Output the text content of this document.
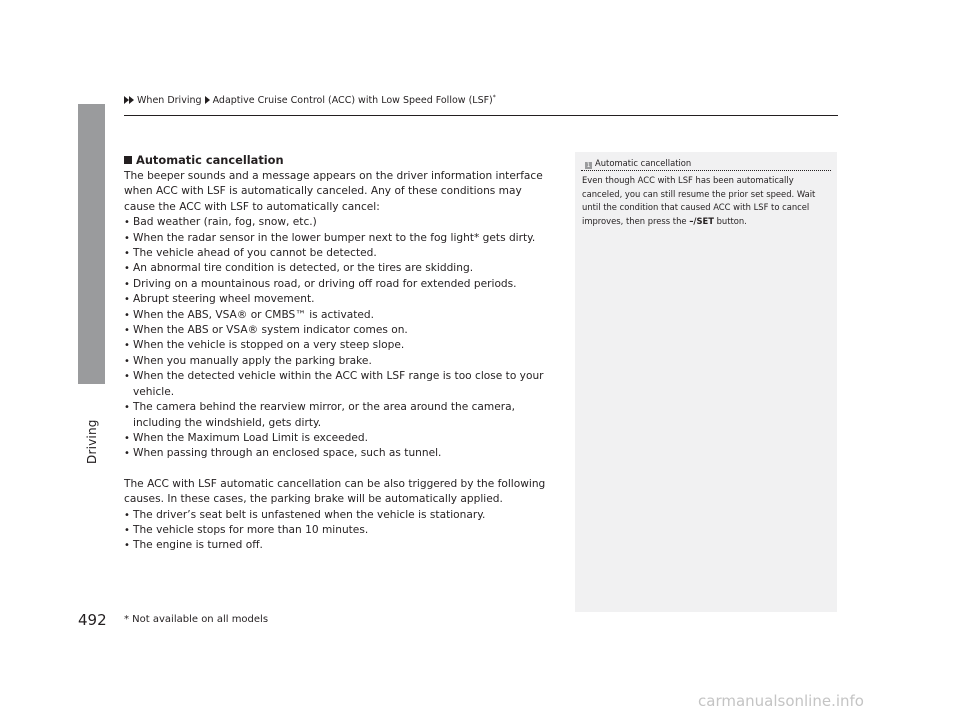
Driving
When Driving Adaptive Cruise Control (ACC) with Low Speed Follow (LSF)*
Automatic cancellation

The beeper sounds and a message appears on the driver information interface when ACC with LSF is automatically canceled. Any of these conditions may cause the ACC with LSF to automatically cancel:

• Bad weather (rain, fog, snow, etc.)
• When the radar sensor in the lower bumper next to the fog light* gets dirty.
• The vehicle ahead of you cannot be detected.
• An abnormal tire condition is detected, or the tires are skidding.
• Driving on a mountainous road, or driving off road for extended periods.
• Abrupt steering wheel movement.
• When the ABS, VSA® or CMBS™ is activated.
• When the ABS or VSA® system indicator comes on.
• When the vehicle is stopped on a very steep slope.
• When you manually apply the parking brake.
• When the detected vehicle within the ACC with LSF range is too close to your vehicle.
• The camera behind the rearview mirror, or the area around the camera, including the windshield, gets dirty.
• When the Maximum Load Limit is exceeded.
• When passing through an enclosed space, such as tunnel.

The ACC with LSF automatic cancellation can be also triggered by the following causes. In these cases, the parking brake will be automatically applied.

• The driver’s seat belt is unfastened when the vehicle is stationary.
• The vehicle stops for more than 10 minutes.
• The engine is turned off.
1 Automatic cancellation
Even though ACC with LSF has been automatically canceled, you can still resume the prior set speed. Wait until the condition that caused ACC with LSF to cancel improves, then press the –/SET button.
492 * Not available on all models
carmanualsonline.info
